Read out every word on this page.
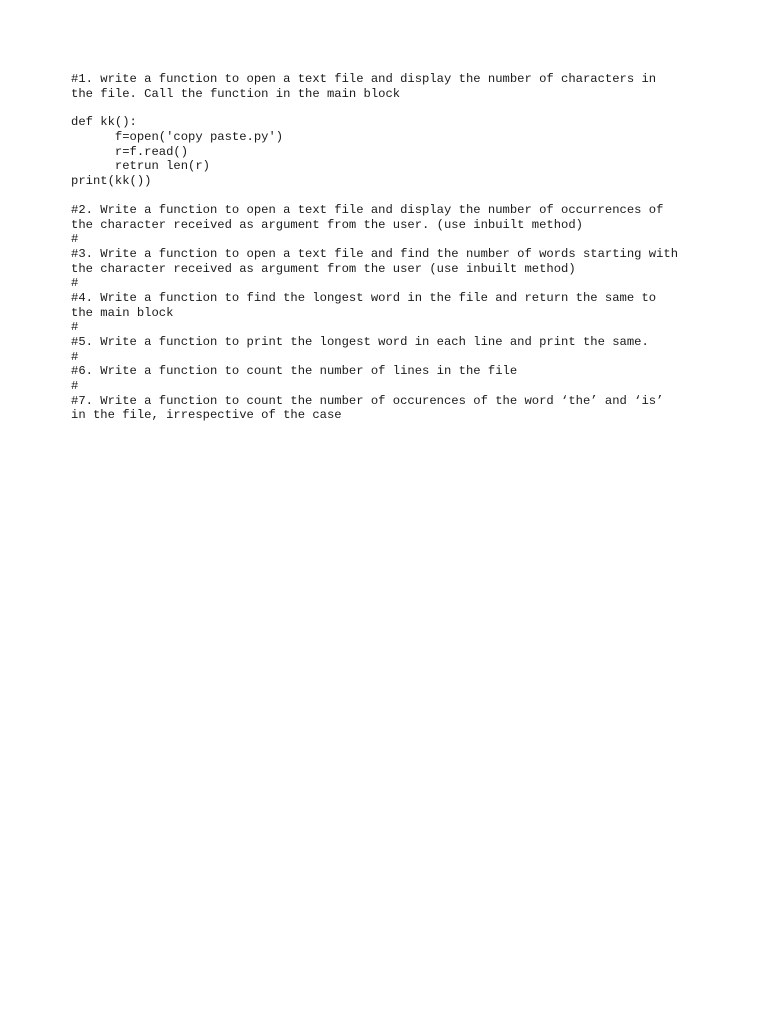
#1. write a function to open a text file and display the number of characters in

the file. Call the function in the main block

def kk():

f=open('copy paste.py')

r=f.read()

retrun len(r)

print(kk())

#2. Write a function to open a text file and display the number of occurrences of

the character received as argument from the user. (use inbuilt method)

#

#3. Write a function to open a text file and find the number of words starting with

the character received as argument from the user (use inbuilt method)

#

#4. Write a function to find the longest word in the file and return the same to

the main block

#

#5. Write a function to print the longest word in each line and print the same.

#

#6. Write a function to count the number of lines in the file

#

#7. Write a function to count the number of occurences of the word ‘the’ and ‘is’

in the file, irrespective of the case
